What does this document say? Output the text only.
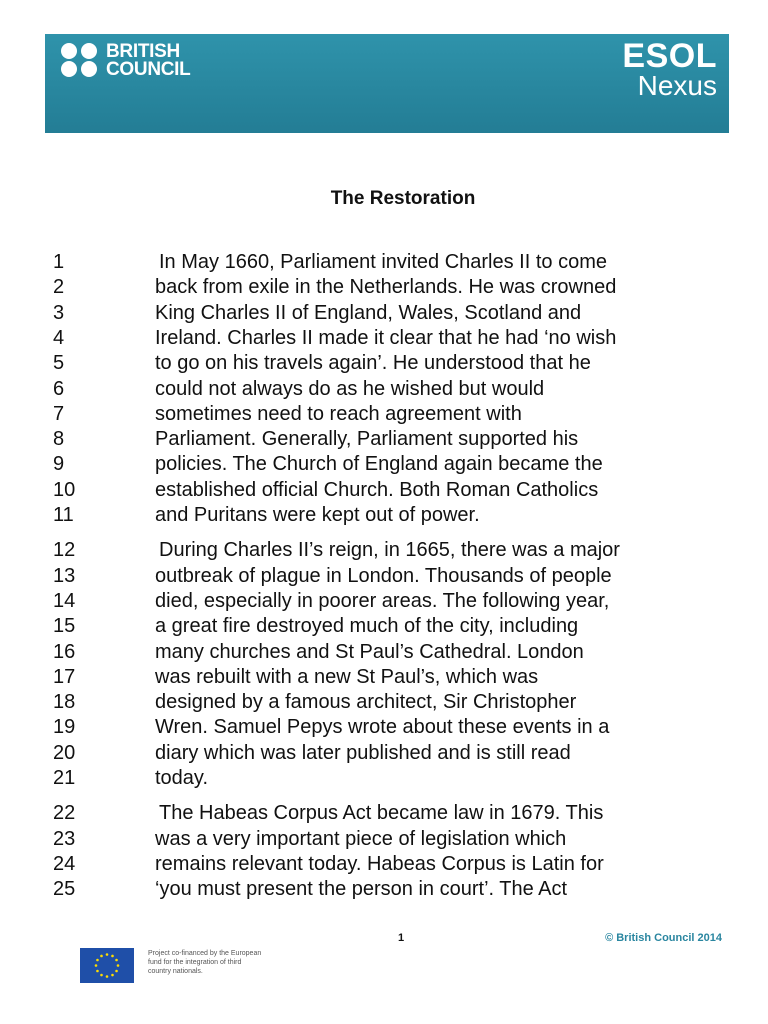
BRITISH
COUNCIL	ESOL
Nexus
The Restoration
1	In May 1660, Parliament invited Charles II to come
2	back from exile in the Netherlands. He was crowned
3	King Charles II of England, Wales, Scotland and
4	Ireland. Charles II made it clear that he had ‘no wish
5	to go on his travels again’. He understood that he
6	could not always do as he wished but would
7	sometimes need to reach agreement with
8	Parliament. Generally, Parliament supported his
9	policies. The Church of England again became the
10	established official Church. Both Roman Catholics
11	and Puritans were kept out of power.
12	During Charles II’s reign, in 1665, there was a major
13	outbreak of plague in London. Thousands of people
14	died, especially in poorer areas. The following year,
15	a great fire destroyed much of the city, including
16	many churches and St Paul’s Cathedral. London
17	was rebuilt with a new St Paul’s, which was
18	designed by a famous architect, Sir Christopher
19	Wren. Samuel Pepys wrote about these events in a
20	diary which was later published and is still read
21	today.
22	The Habeas Corpus Act became law in 1679. This
23	was a very important piece of legislation which
24	remains relevant today. Habeas Corpus is Latin for
25	‘you must present the person in court’. The Act
1	© British Council 2014
Project co-financed by the European
fund for the integration of third
country nationals.
